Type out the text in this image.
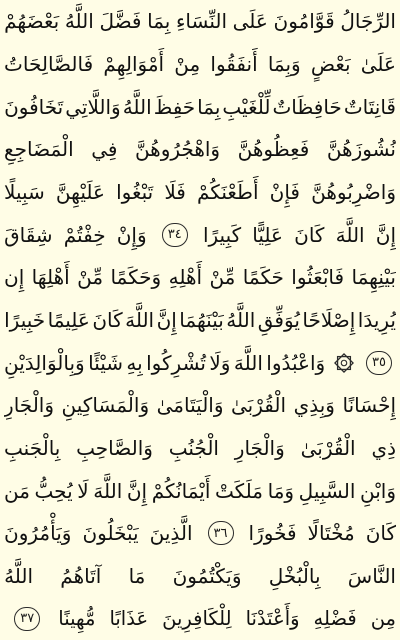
الرِّجَالُ
قَوَّامُونَ
عَلَى
النِّسَاءِ
بِمَا
فَضَّلَ
اللَّهُ
بَعْضَهُمْ
عَلَىٰ
بَعْضٍ
وَبِمَا
أَنفَقُوا
مِنْ
أَمْوَالِهِمْ
فَالصَّالِحَاتُ
قَانِتَاتٌ
حَافِظَاتٌ
لِّلْغَيْبِ
بِمَا
حَفِظَ
اللَّهُ
وَاللَّاتِي
تَخَافُونَ
نُشُوزَهُنَّ
فَعِظُوهُنَّ
وَاهْجُرُوهُنَّ
فِي
الْمَضَاجِعِ
وَاضْرِبُوهُنَّ
فَإِنْ
أَطَعْنَكُمْ
فَلَا
تَبْغُوا
عَلَيْهِنَّ
سَبِيلًا
إِنَّ
اللَّهَ
كَانَ
عَلِيًّا
كَبِيرًا
٣٤
وَإِنْ
خِفْتُمْ
شِقَاقَ
بَيْنِهِمَا
فَابْعَثُوا
حَكَمًا
مِّنْ
أَهْلِهِ
وَحَكَمًا
مِّنْ
أَهْلِهَا
إِن
يُرِيدَا
إِصْلَاحًا
يُوَفِّقِ
اللَّهُ
بَيْنَهُمَا
إِنَّ
اللَّهَ
كَانَ
عَلِيمًا
خَبِيرًا
٣٥
وَاعْبُدُوا
اللَّهَ
وَلَا
تُشْرِكُوا
بِهِ
شَيْئًا
وَبِالْوَالِدَيْنِ
إِحْسَانًا
وَبِذِي
الْقُرْبَىٰ
وَالْيَتَامَىٰ
وَالْمَسَاكِينِ
وَالْجَارِ
ذِي
الْقُرْبَىٰ
وَالْجَارِ
الْجُنُبِ
وَالصَّاحِبِ
بِالْجَنبِ
وَابْنِ
السَّبِيلِ
وَمَا
مَلَكَتْ
أَيْمَانُكُمْ
إِنَّ
اللَّهَ
لَا
يُحِبُّ
مَن
كَانَ
مُخْتَالًا
فَخُورًا
٣٦
الَّذِينَ
يَبْخَلُونَ
وَيَأْمُرُونَ
النَّاسَ
بِالْبُخْلِ
وَيَكْتُمُونَ
مَا
آتَاهُمُ
اللَّهُ
مِن
فَضْلِهِ
وَأَعْتَدْنَا
لِلْكَافِرِينَ
عَذَابًا
مُّهِينًا
٣٧
